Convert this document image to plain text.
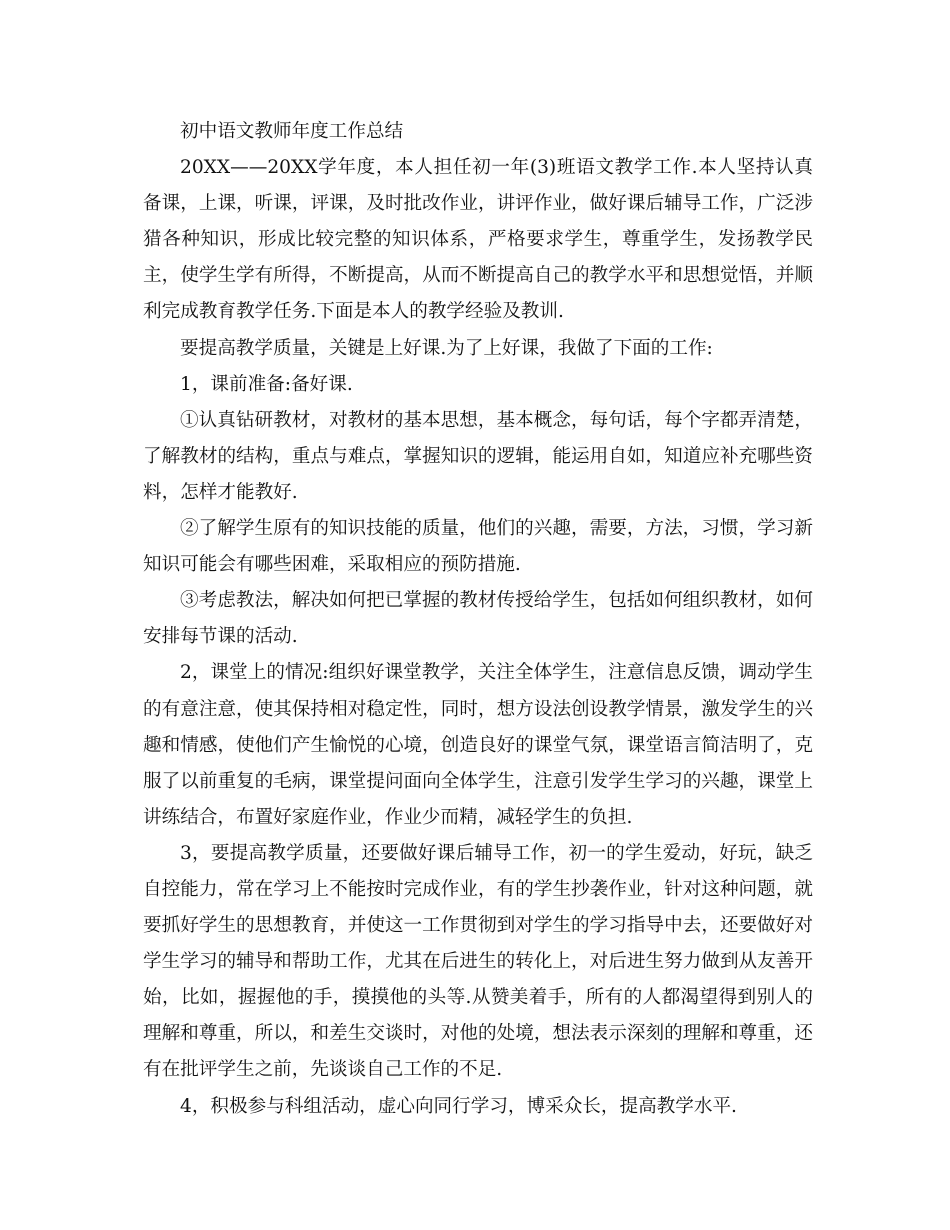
初中语文教师年度工作总结

20XX——20XX学年度，本人担任初一年(3)班语文教学工作.本人坚持认真备课，上课，听课，评课，及时批改作业，讲评作业，做好课后辅导工作，广泛涉猎各种知识，形成比较完整的知识体系，严格要求学生，尊重学生，发扬教学民主，使学生学有所得，不断提高，从而不断提高自己的教学水平和思想觉悟，并顺利完成教育教学任务.下面是本人的教学经验及教训.

要提高教学质量，关键是上好课.为了上好课，我做了下面的工作:

1，课前准备:备好课.

①认真钻研教材，对教材的基本思想，基本概念，每句话，每个字都弄清楚，了解教材的结构，重点与难点，掌握知识的逻辑，能运用自如，知道应补充哪些资料，怎样才能教好.

②了解学生原有的知识技能的质量，他们的兴趣，需要，方法，习惯，学习新知识可能会有哪些困难，采取相应的预防措施.

③考虑教法，解决如何把已掌握的教材传授给学生，包括如何组织教材，如何安排每节课的活动.

2，课堂上的情况:组织好课堂教学，关注全体学生，注意信息反馈，调动学生的有意注意，使其保持相对稳定性，同时，想方设法创设教学情景，激发学生的兴趣和情感，使他们产生愉悦的心境，创造良好的课堂气氛，课堂语言简洁明了，克服了以前重复的毛病，课堂提问面向全体学生，注意引发学生学习的兴趣，课堂上讲练结合，布置好家庭作业，作业少而精，减轻学生的负担.

3，要提高教学质量，还要做好课后辅导工作，初一的学生爱动，好玩，缺乏自控能力，常在学习上不能按时完成作业，有的学生抄袭作业，针对这种问题，就要抓好学生的思想教育，并使这一工作贯彻到对学生的学习指导中去，还要做好对学生学习的辅导和帮助工作，尤其在后进生的转化上，对后进生努力做到从友善开始，比如，握握他的手，摸摸他的头等.从赞美着手，所有的人都渴望得到别人的理解和尊重，所以，和差生交谈时，对他的处境，想法表示深刻的理解和尊重，还有在批评学生之前，先谈谈自己工作的不足.

4，积极参与科组活动，虚心向同行学习，博采众长，提高教学水平.
